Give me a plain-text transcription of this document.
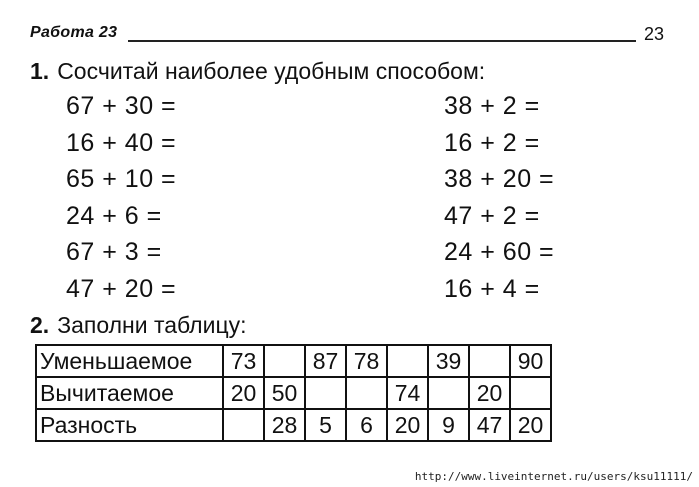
Работа 23	23
1. Сосчитай наиболее удобным способом:
67 + 30 =
16 + 40 =
65 + 10 =
24 + 6 =
67 + 3 =
47 + 20 =
38 + 2 =
16 + 2 =
38 + 20 =
47 + 2 =
24 + 60 =
16 + 4 =
2. Заполни таблицу:
Уменьшаемое	73		87	78		39		90
Вычитаемое	20	50			74		20	
Разность		28	5	6	20	9	47	20
http://www.liveinternet.ru/users/ksu11111/
